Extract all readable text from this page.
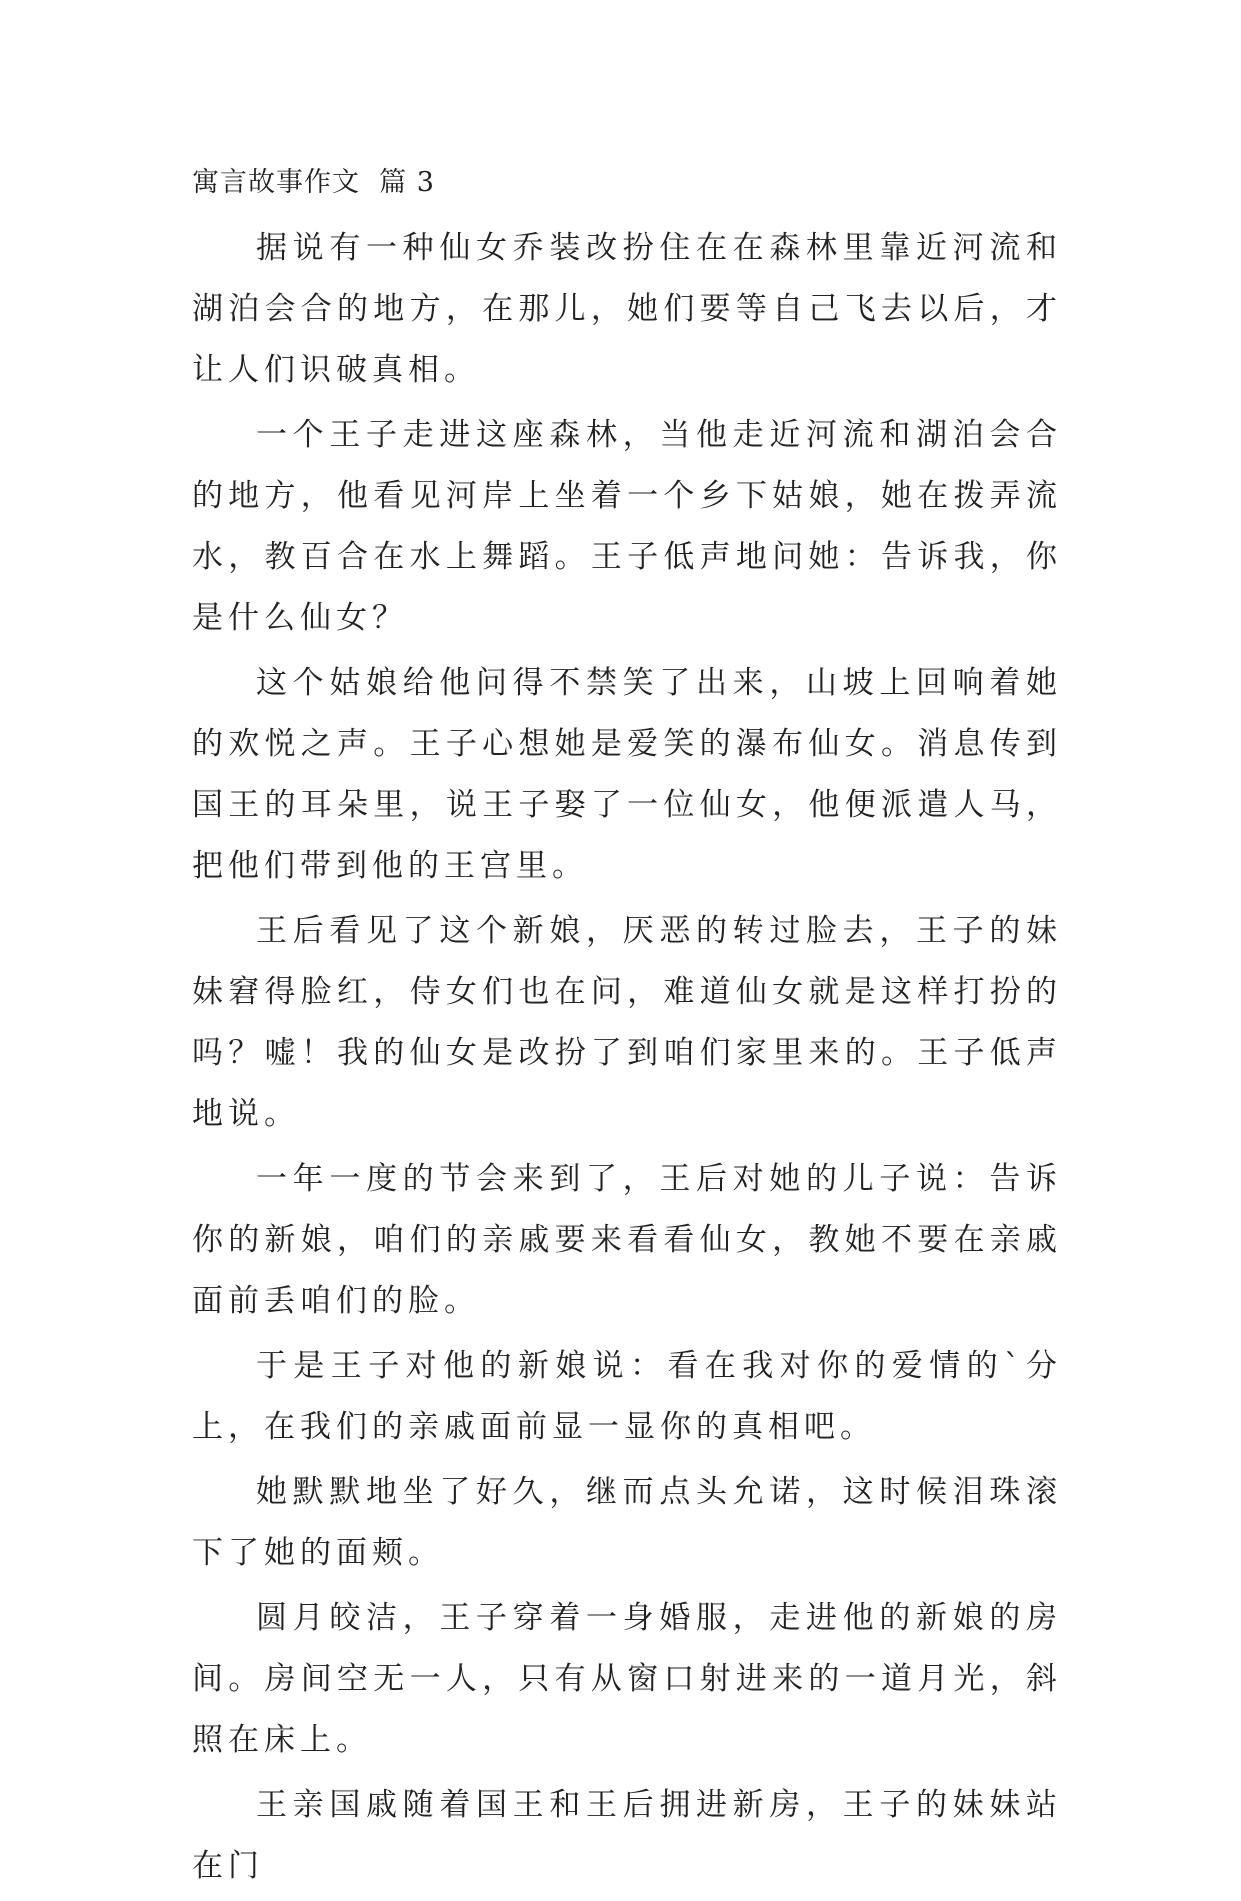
寓言故事作文  篇 3

据说有一种仙女乔装改扮住在在森林里靠近河流和湖泊会合的地方，在那儿，她们要等自己飞去以后，才让人们识破真相。

一个王子走进这座森林，当他走近河流和湖泊会合的地方，他看见河岸上坐着一个乡下姑娘，她在拨弄流水，教百合在水上舞蹈。王子低声地问她：告诉我，你是什么仙女？

这个姑娘给他问得不禁笑了出来，山坡上回响着她的欢悦之声。王子心想她是爱笑的瀑布仙女。消息传到国王的耳朵里，说王子娶了一位仙女，他便派遣人马，把他们带到他的王宫里。

王后看见了这个新娘，厌恶的转过脸去，王子的妹妹窘得脸红，侍女们也在问，难道仙女就是这样打扮的吗？嘘！我的仙女是改扮了到咱们家里来的。王子低声地说。

一年一度的节会来到了，王后对她的儿子说：告诉你的新娘，咱们的亲戚要来看看仙女，教她不要在亲戚面前丢咱们的脸。

于是王子对他的新娘说：看在我对你的爱情的`分上，在我们的亲戚面前显一显你的真相吧。

她默默地坐了好久，继而点头允诺，这时候泪珠滚下了她的面颊。

圆月皎洁，王子穿着一身婚服，走进他的新娘的房间。房间空无一人，只有从窗口射进来的一道月光，斜照在床上。

王亲国戚随着国王和王后拥进新房，王子的妹妹站在门
